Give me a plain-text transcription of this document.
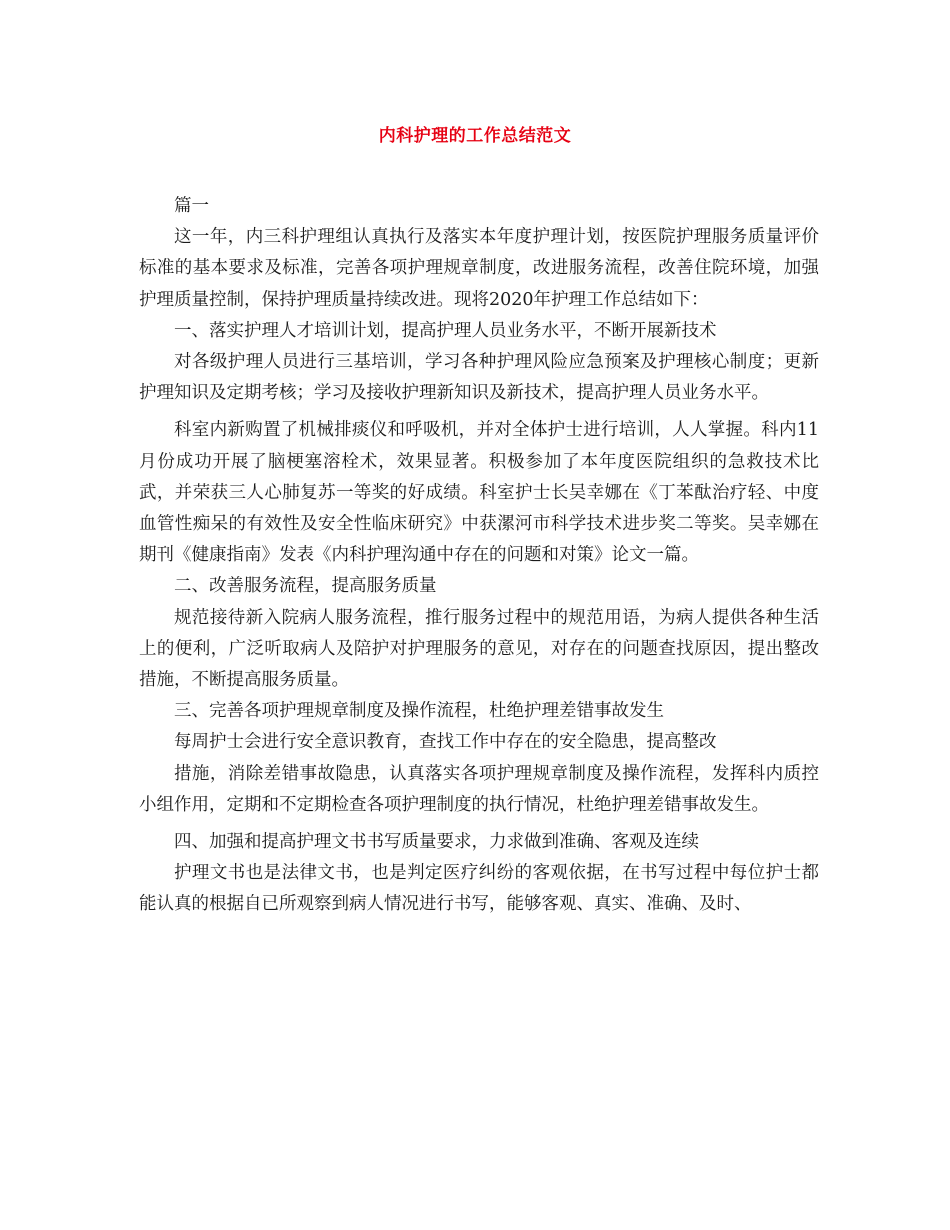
内科护理的工作总结范文

篇一

这一年，内三科护理组认真执行及落实本年度护理计划，按医院护理服务质量评价标准的基本要求及标准，完善各项护理规章制度，改进服务流程，改善住院环境，加强护理质量控制，保持护理质量持续改进。现将2020年护理工作总结如下：

一、落实护理人才培训计划，提高护理人员业务水平，不断开展新技术

对各级护理人员进行三基培训，学习各种护理风险应急预案及护理核心制度；更新护理知识及定期考核；学习及接收护理新知识及新技术，提高护理人员业务水平。

科室内新购置了机械排痰仪和呼吸机，并对全体护士进行培训，人人掌握。科内11月份成功开展了脑梗塞溶栓术，效果显著。积极参加了本年度医院组织的急救技术比武，并荣获三人心肺复苏一等奖的好成绩。科室护士长吴幸娜在《丁苯酞治疗轻、中度血管性痴呆的有效性及安全性临床研究》中获漯河市科学技术进步奖二等奖。吴幸娜在期刊《健康指南》发表《内科护理沟通中存在的问题和对策》论文一篇。

二、改善服务流程，提高服务质量

规范接待新入院病人服务流程，推行服务过程中的规范用语，为病人提供各种生活上的便利，广泛听取病人及陪护对护理服务的意见，对存在的问题查找原因，提出整改措施，不断提高服务质量。

三、完善各项护理规章制度及操作流程，杜绝护理差错事故发生

每周护士会进行安全意识教育，查找工作中存在的安全隐患，提高整改

措施，消除差错事故隐患，认真落实各项护理规章制度及操作流程，发挥科内质控小组作用，定期和不定期检查各项护理制度的执行情况，杜绝护理差错事故发生。

四、加强和提高护理文书书写质量要求，力求做到准确、客观及连续

护理文书也是法律文书，也是判定医疗纠纷的客观依据，在书写过程中每位护士都能认真的根据自已所观察到病人情况进行书写，能够客观、真实、准确、及时、
